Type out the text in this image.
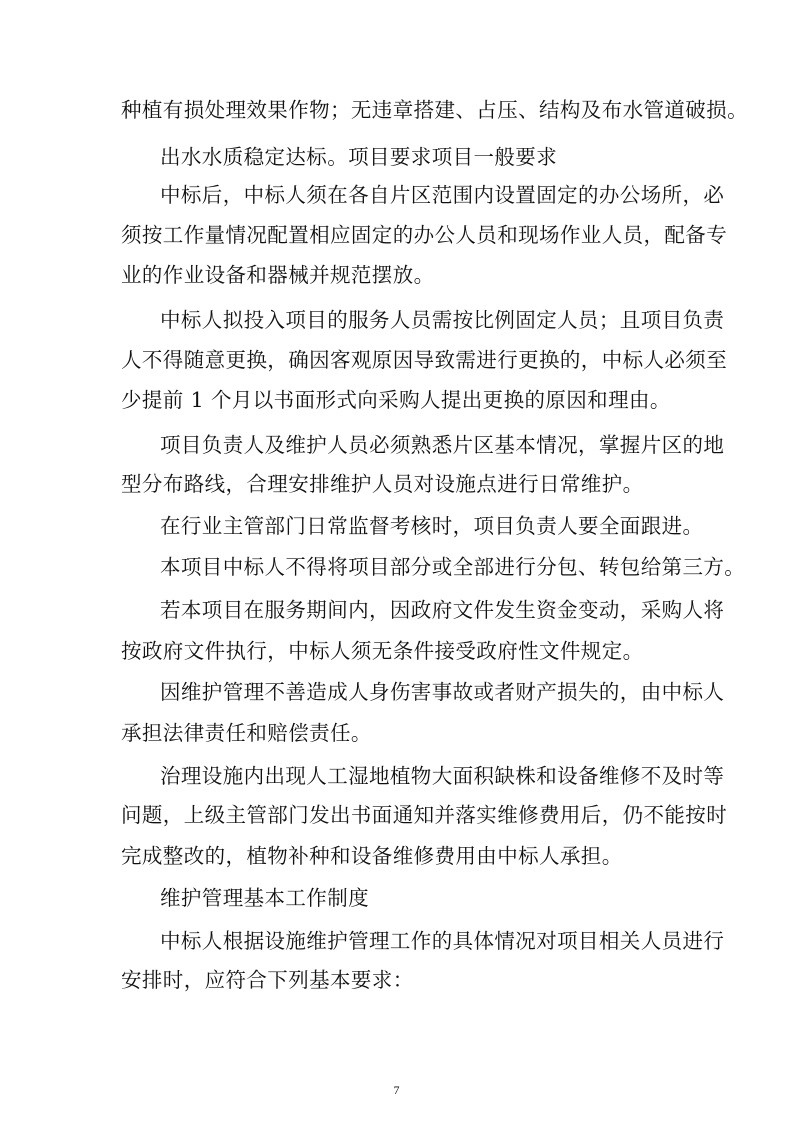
种植有损处理效果作物；无违章搭建、占压、结构及布水管道破损。
出水水质稳定达标。项目要求项目一般要求
中标后，中标人须在各自片区范围内设置固定的办公场所，必
须按工作量情况配置相应固定的办公人员和现场作业人员，配备专
业的作业设备和器械并规范摆放。
中标人拟投入项目的服务人员需按比例固定人员；且项目负责
人不得随意更换，确因客观原因导致需进行更换的，中标人必须至
少提前 1 个月以书面形式向采购人提出更换的原因和理由。
项目负责人及维护人员必须熟悉片区基本情况，掌握片区的地
型分布路线，合理安排维护人员对设施点进行日常维护。
在行业主管部门日常监督考核时，项目负责人要全面跟进。
本项目中标人不得将项目部分或全部进行分包、转包给第三方。
若本项目在服务期间内，因政府文件发生资金变动，采购人将
按政府文件执行，中标人须无条件接受政府性文件规定。
因维护管理不善造成人身伤害事故或者财产损失的，由中标人
承担法律责任和赔偿责任。
治理设施内出现人工湿地植物大面积缺株和设备维修不及时等
问题，上级主管部门发出书面通知并落实维修费用后，仍不能按时
完成整改的，植物补种和设备维修费用由中标人承担。
维护管理基本工作制度
中标人根据设施维护管理工作的具体情况对项目相关人员进行
安排时，应符合下列基本要求：
7
